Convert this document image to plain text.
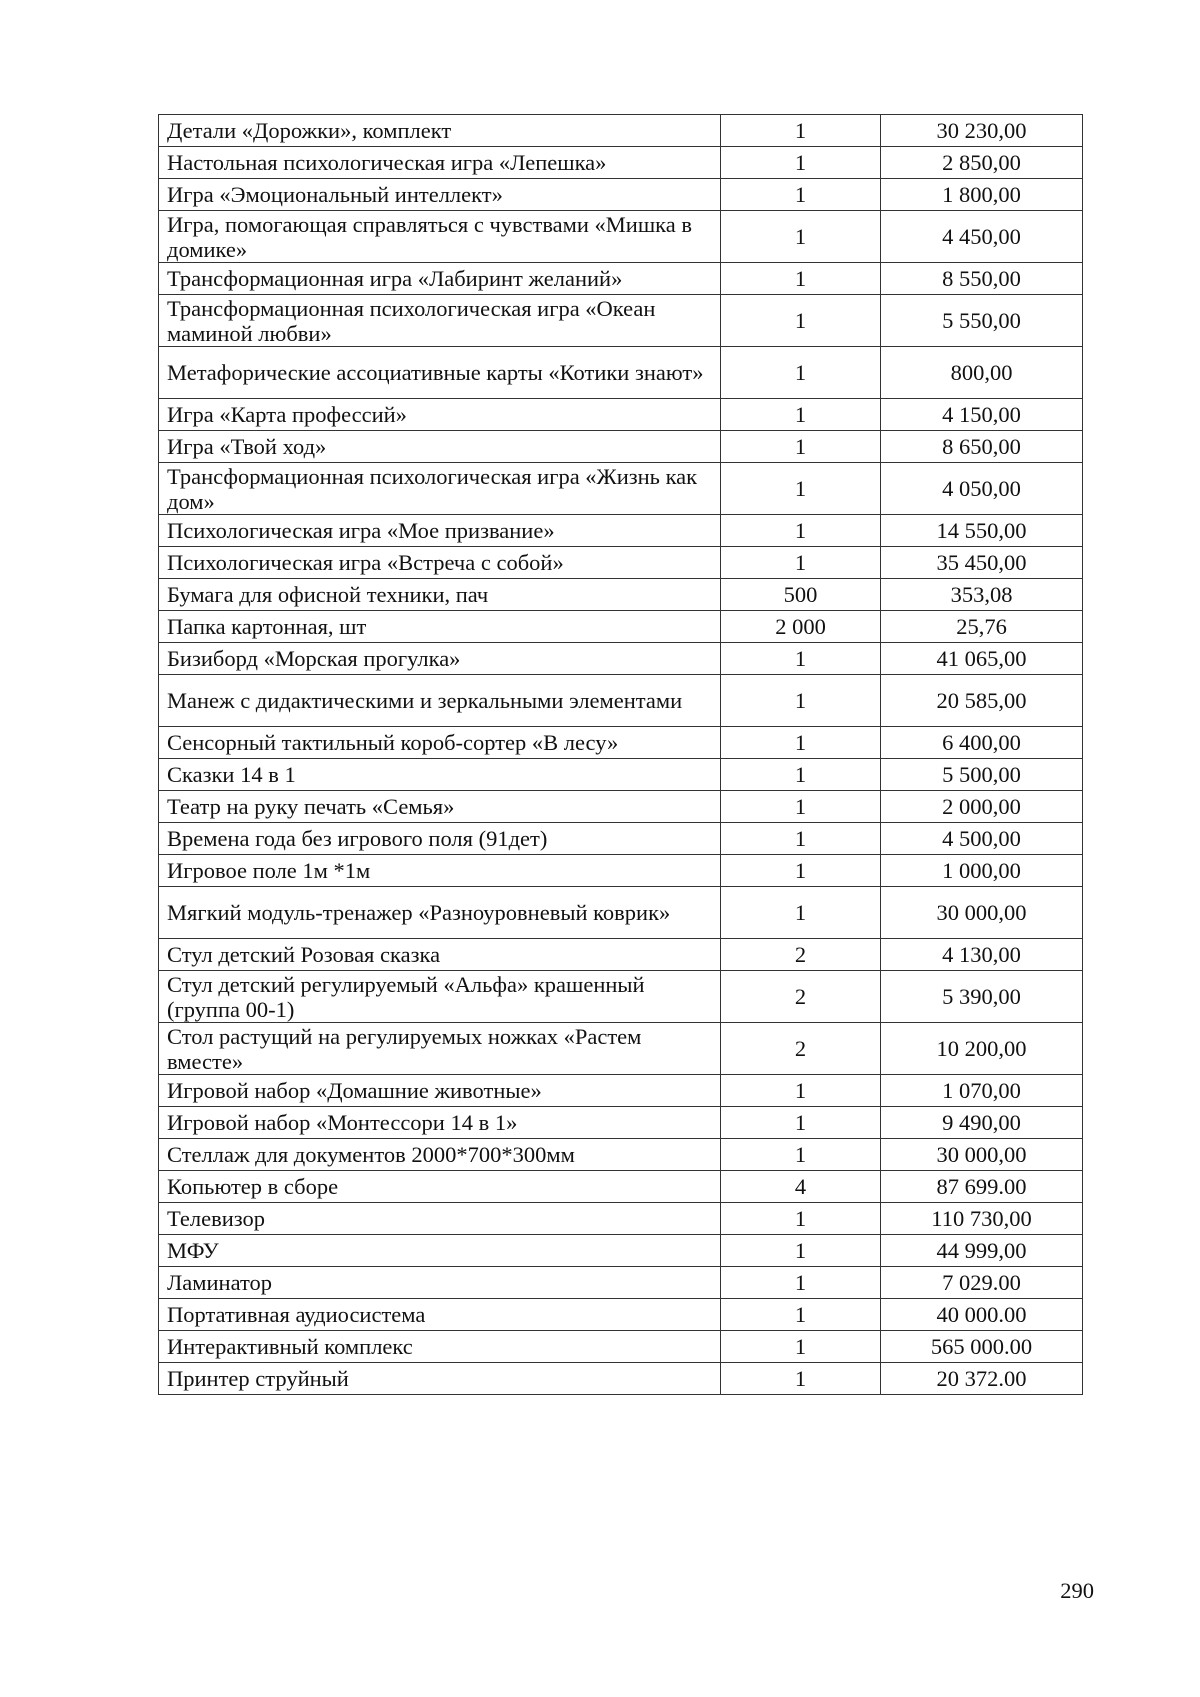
Детали «Дорожки», комплект	1	30 230,00
Настольная психологическая игра «Лепешка»	1	2 850,00
Игра «Эмоциональный интеллект»	1	1 800,00
Игра, помогающая справляться с чувствами «Мишка в домике»	1	4 450,00
Трансформационная игра «Лабиринт желаний»	1	8 550,00
Трансформационная психологическая игра «Океан маминой любви»	1	5 550,00
Метафорические ассоциативные карты «Котики знают»	1	800,00
Игра «Карта профессий»	1	4 150,00
Игра «Твой ход»	1	8 650,00
Трансформационная психологическая игра «Жизнь как дом»	1	4 050,00
Психологическая игра «Мое призвание»	1	14 550,00
Психологическая игра «Встреча с собой»	1	35 450,00
Бумага для офисной техники, пач	500	353,08
Папка картонная, шт	2 000	25,76
Бизиборд «Морская прогулка»	1	41 065,00
Манеж с дидактическими и зеркальными элементами	1	20 585,00
Сенсорный тактильный короб-сортер «В лесу»	1	6 400,00
Сказки 14 в 1	1	5 500,00
Театр на руку печать «Семья»	1	2 000,00
Времена года без игрового поля (91дет)	1	4 500,00
Игровое поле 1м *1м	1	1 000,00
Мягкий модуль-тренажер «Разноуровневый коврик»	1	30 000,00
Стул детский Розовая сказка	2	4 130,00
Стул детский регулируемый «Альфа» крашенный (группа 00-1)	2	5 390,00
Стол растущий на регулируемых ножках «Растем вместе»	2	10 200,00
Игровой набор «Домашние животные»	1	1 070,00
Игровой набор «Монтессори 14 в 1»	1	9 490,00
Стеллаж для документов 2000*700*300мм	1	30 000,00
Копьютер в сборе	4	87 699.00
Телевизор	1	110 730,00
МФУ	1	44 999,00
Ламинатор	1	7 029.00
Портативная аудиосистема	1	40 000.00
Интерактивный комплекс	1	565 000.00
Принтер струйный	1	20 372.00
290
